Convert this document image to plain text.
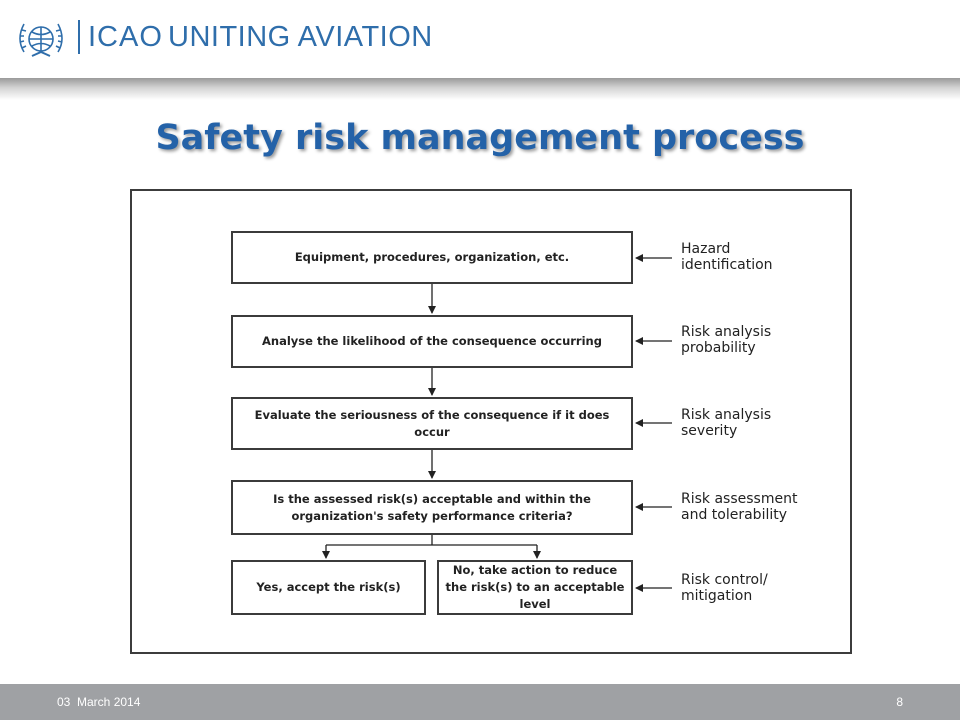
ICAO UNITING AVIATION
Safety risk management process
Equipment, procedures, organization, etc.
Analyse the likelihood of the consequence occurring
Evaluate the seriousness of the consequence if it does occur
Is the assessed risk(s) acceptable and within the organization's safety performance criteria?
Yes, accept the risk(s)
No, take action to reduce the risk(s) to an acceptable level
Hazard
identification
Risk analysis
probability
Risk analysis
severity
Risk assessment
and tolerability
Risk control/
mitigation
03  March 2014	8
